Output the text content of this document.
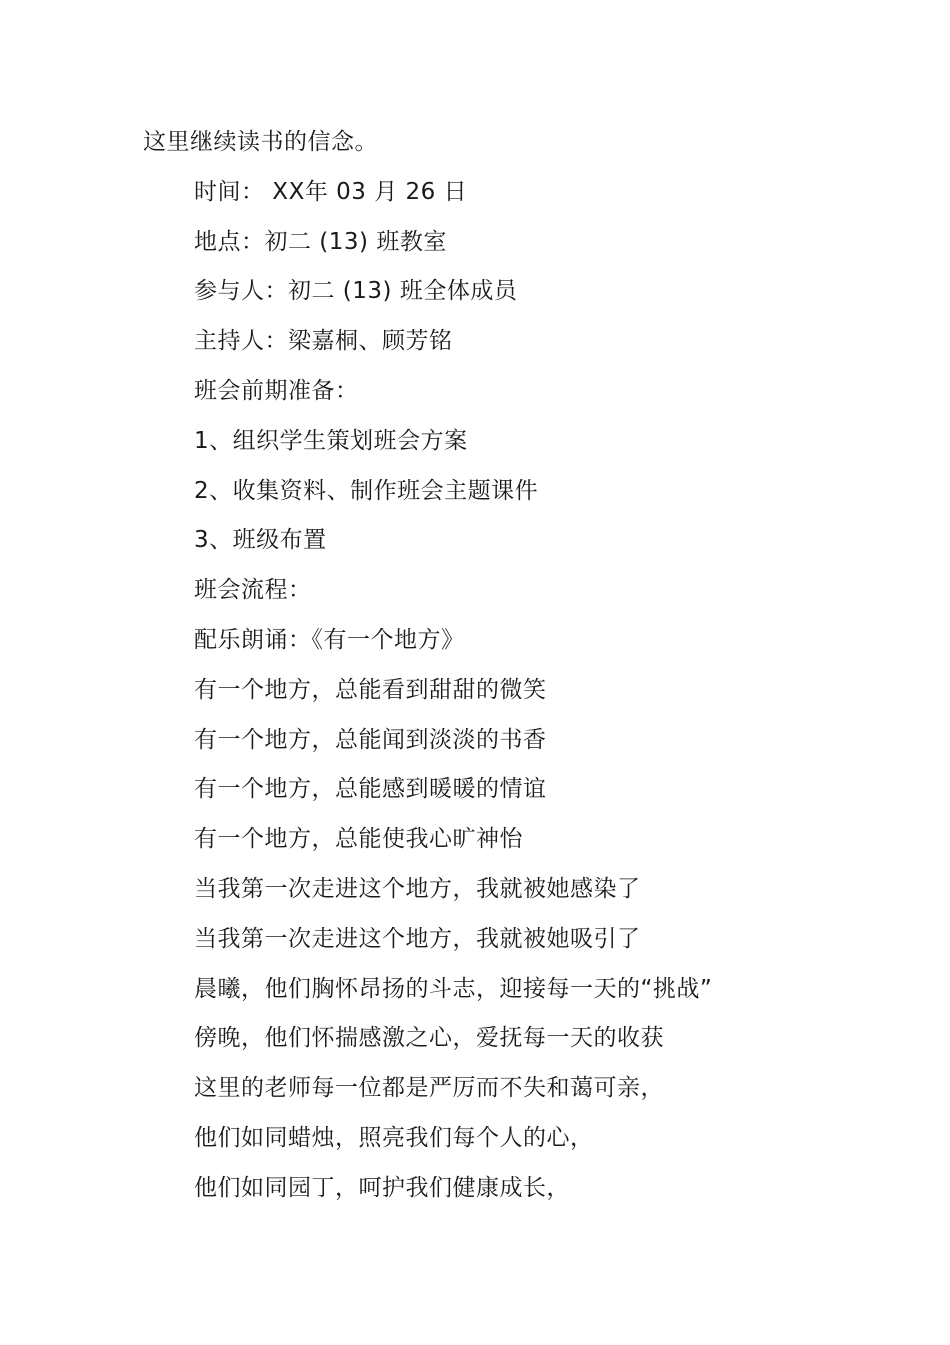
这里继续读书的信念。
时间： XX年 03 月 26 日
地点：初二 (13) 班教室
参与人：初二 (13) 班全体成员
主持人：梁嘉桐、顾芳铭
班会前期准备：
1、组织学生策划班会方案
2、收集资料、制作班会主题课件
3、班级布置
班会流程：
配乐朗诵：《有一个地方》
有一个地方，总能看到甜甜的微笑
有一个地方，总能闻到淡淡的书香
有一个地方，总能感到暖暖的情谊
有一个地方，总能使我心旷神怡
当我第一次走进这个地方，我就被她感染了
当我第一次走进这个地方，我就被她吸引了
晨曦，他们胸怀昂扬的斗志，迎接每一天的“挑战”
傍晚，他们怀揣感激之心，爱抚每一天的收获
这里的老师每一位都是严厉而不失和蔼可亲，
他们如同蜡烛，照亮我们每个人的心，
他们如同园丁，呵护我们健康成长，
